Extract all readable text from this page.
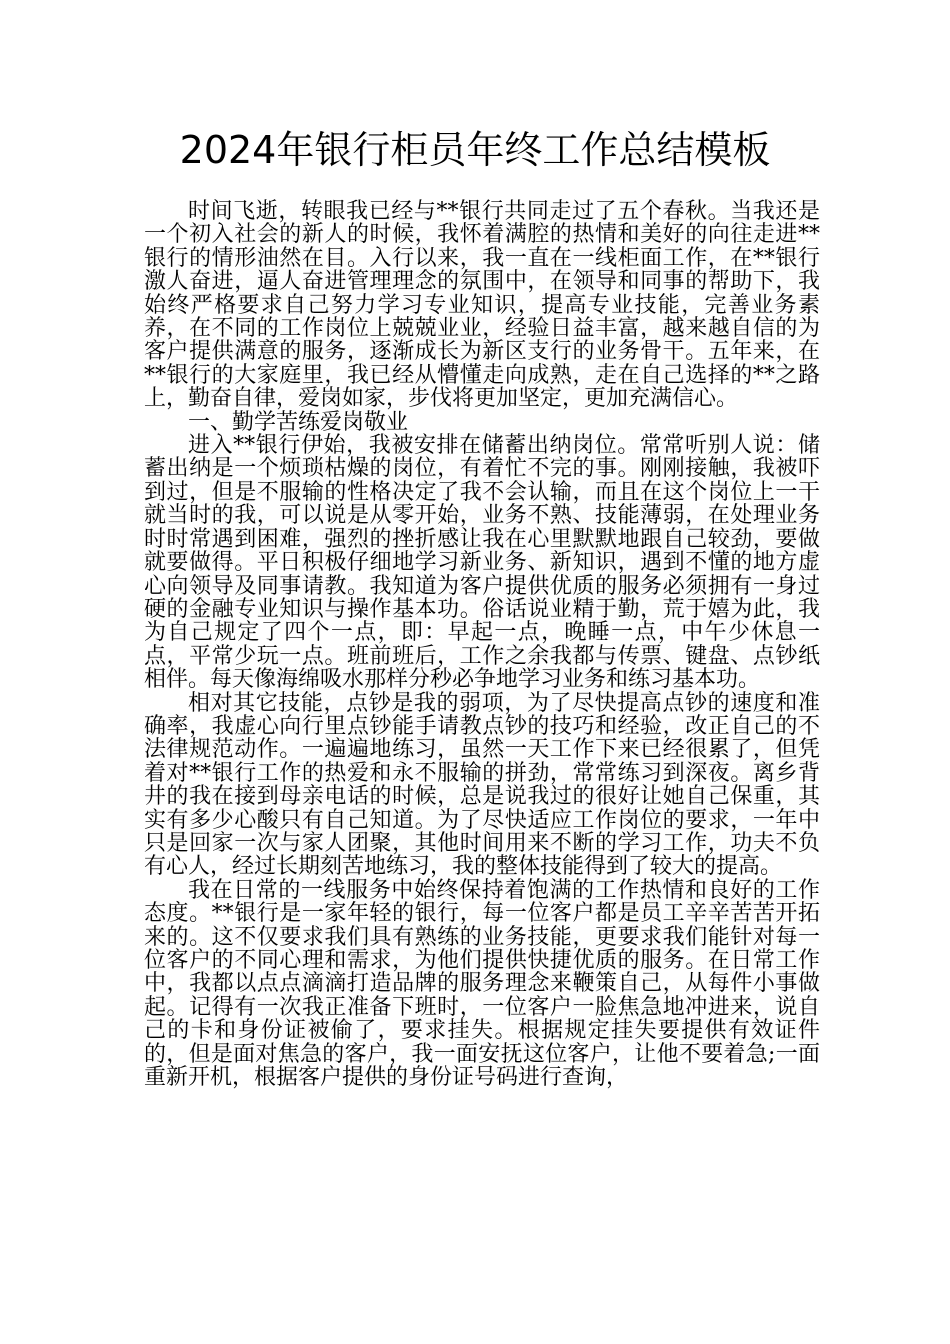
2024年银行柜员年终工作总结模板

时间飞逝，转眼我已经与**银行共同走过了五个春秋。当我还是一个初入社会的新人的时候，我怀着满腔的热情和美好的向往走进**银行的情形油然在目。入行以来，我一直在一线柜面工作，在**银行激人奋进，逼人奋进管理理念的氛围中，在领导和同事的帮助下，我始终严格要求自己努力学习专业知识，提高专业技能，完善业务素养，在不同的工作岗位上兢兢业业，经验日益丰富，越来越自信的为客户提供满意的服务，逐渐成长为新区支行的业务骨干。五年来，在**银行的大家庭里，我已经从懵懂走向成熟，走在自己选择的**之路上，勤奋自律，爱岗如家，步伐将更加坚定，更加充满信心。

一、勤学苦练爱岗敬业

进入**银行伊始，我被安排在储蓄出纳岗位。常常听别人说：储蓄出纳是一个烦琐枯燥的岗位，有着忙不完的事。刚刚接触，我被吓到过，但是不服输的性格决定了我不会认输，而且在这个岗位上一干就当时的我，可以说是从零开始，业务不熟、技能薄弱，在处理业务时时常遇到困难，强烈的挫折感让我在心里默默地跟自己较劲，要做就要做得。平日积极仔细地学习新业务、新知识，遇到不懂的地方虚心向领导及同事请教。我知道为客户提供优质的服务必须拥有一身过硬的金融专业知识与操作基本功。俗话说业精于勤，荒于嬉为此，我为自己规定了四个一点，即：早起一点，晚睡一点，中午少休息一点，平常少玩一点。班前班后，工作之余我都与传票、键盘、点钞纸相伴。每天像海绵吸水那样分秒必争地学习业务和练习基本功。

相对其它技能，点钞是我的弱项，为了尽快提高点钞的速度和准确率，我虚心向行里点钞能手请教点钞的技巧和经验，改正自己的不法律规范动作。一遍遍地练习，虽然一天工作下来已经很累了，但凭着对**银行工作的热爱和永不服输的拼劲，常常练习到深夜。离乡背井的我在接到母亲电话的时候，总是说我过的很好让她自己保重，其实有多少心酸只有自己知道。为了尽快适应工作岗位的要求，一年中只是回家一次与家人团聚，其他时间用来不断的学习工作，功夫不负有心人，经过长期刻苦地练习，我的整体技能得到了较大的提高。

我在日常的一线服务中始终保持着饱满的工作热情和良好的工作态度。**银行是一家年轻的银行，每一位客户都是员工辛辛苦苦开拓来的。这不仅要求我们具有熟练的业务技能，更要求我们能针对每一位客户的不同心理和需求，为他们提供快捷优质的服务。在日常工作中，我都以点点滴滴打造品牌的服务理念来鞭策自己，从每件小事做起。记得有一次我正准备下班时，一位客户一脸焦急地冲进来，说自己的卡和身份证被偷了，要求挂失。根据规定挂失要提供有效证件的，但是面对焦急的客户，我一面安抚这位客户，让他不要着急;一面重新开机，根据客户提供的身份证号码进行查询，
